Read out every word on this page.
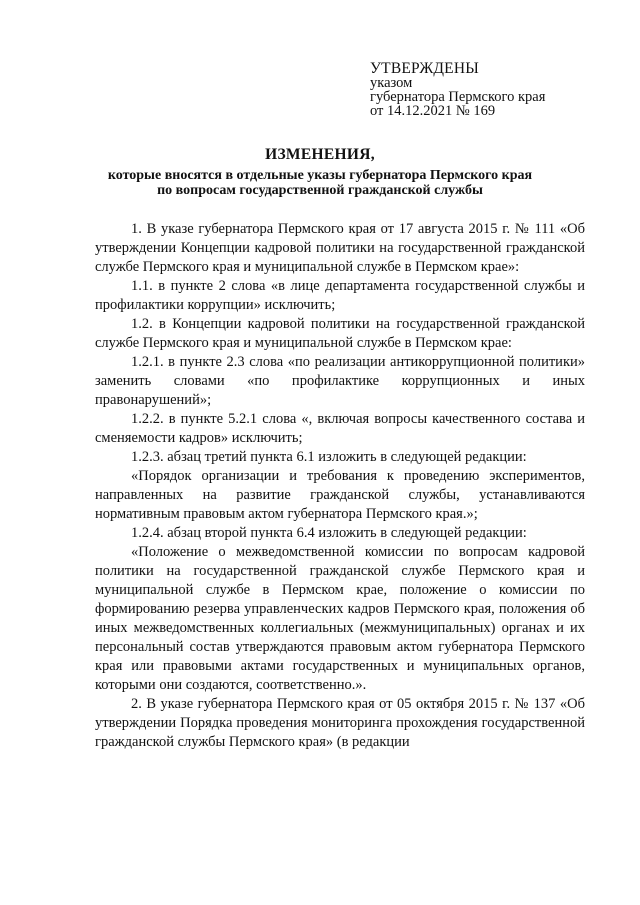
УТВЕРЖДЕНЫ
указом
губернатора Пермского края
от 14.12.2021 № 169
ИЗМЕНЕНИЯ,
которые вносятся в отдельные указы губернатора Пермского края
по вопросам государственной гражданской службы

1. В указе губернатора Пермского края от 17 августа 2015 г. № 111 «Об утверждении Концепции кадровой политики на государственной гражданской службе Пермского края и муниципальной службе в Пермском крае»:

1.1. в пункте 2 слова «в лице департамента государственной службы и профилактики коррупции» исключить;

1.2. в Концепции кадровой политики на государственной гражданской службе Пермского края и муниципальной службе в Пермском крае:

1.2.1. в пункте 2.3 слова «по реализации антикоррупционной политики» заменить словами «по профилактике коррупционных и иных правонарушений»;

1.2.2. в пункте 5.2.1 слова «, включая вопросы качественного состава и сменяемости кадров» исключить;

1.2.3. абзац третий пункта 6.1 изложить в следующей редакции:

«Порядок организации и требования к проведению экспериментов, направленных на развитие гражданской службы, устанавливаются нормативным правовым актом губернатора Пермского края.»;

1.2.4. абзац второй пункта 6.4 изложить в следующей редакции:

«Положение о межведомственной комиссии по вопросам кадровой политики на государственной гражданской службе Пермского края и муниципальной службе в Пермском крае, положение о комиссии по формированию резерва управленческих кадров Пермского края, положения об иных межведомственных коллегиальных (межмуниципальных) органах и их персональный состав утверждаются правовым актом губернатора Пермского края или правовыми актами государственных и муниципальных органов, которыми они создаются, соответственно.».

2. В указе губернатора Пермского края от 05 октября 2015 г. № 137 «Об утверждении Порядка проведения мониторинга прохождения государственной гражданской службы Пермского края» (в редакции
